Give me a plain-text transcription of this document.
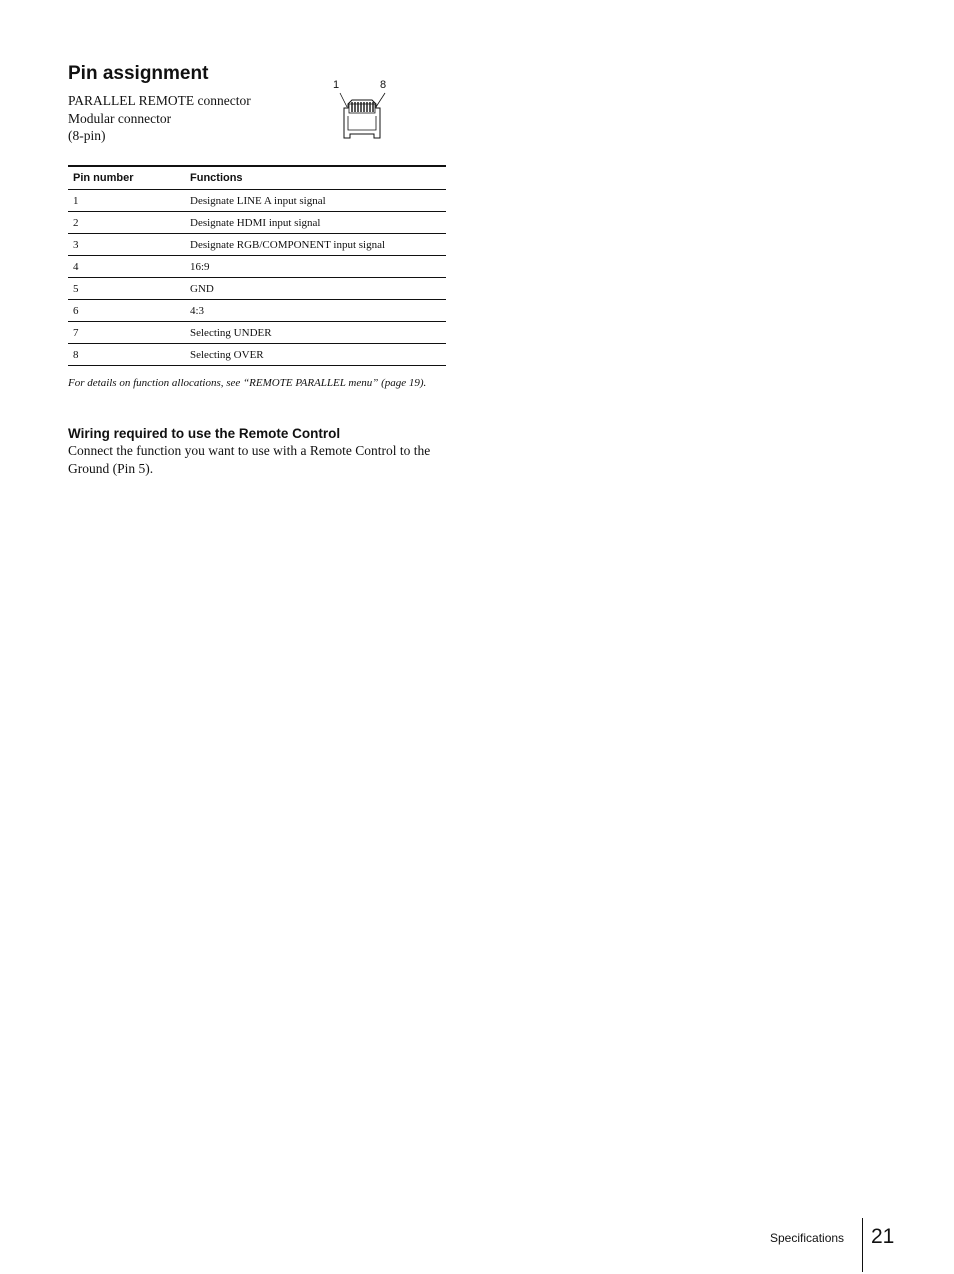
Pin assignment
PARALLEL REMOTE connector
Modular connector
(8-pin)
1	8
Pin number	Functions
1	Designate LINE A input signal
2	Designate HDMI input signal
3	Designate RGB/COMPONENT input signal
4	16:9
5	GND
6	4:3
7	Selecting UNDER
8	Selecting OVER

For details on function allocations, see “REMOTE PARALLEL menu” (page 19).

Wiring required to use the Remote Control

Connect the function you want to use with a Remote Control to the Ground (Pin 5).

Specifications 21
